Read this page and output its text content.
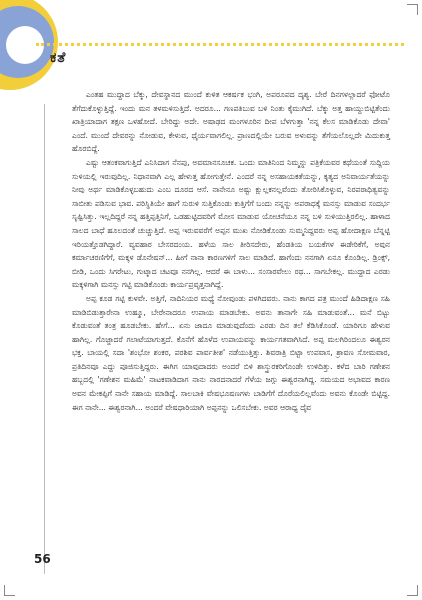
ಕತೆ

ಎಂತಹ ಮುದ್ದಾದ ಬೆಕ್ಕು, ದೇವಸ್ಥಾನದ ಮುಂದೆ ಕುಳಿತ ಆಕರ್ಷಕ ಭಂಗಿ, ಅಪರೂಪದ ದೃಶ್ಯ. ಬೇರೆ ದಿನಗಳಲ್ಲಾದರೆ ಫೋಟೊ ತೆಗೆದುಕೊಳ್ಳುತ್ತಿದ್ದೆ. ಇಂದು ಮನ ತಳಮಳಿಸುತ್ತಿದೆ. ಅದರೂ... ಗಣಪತಿಬುವ ಬಳಿ ನಿಂತು ಕೈಮುಗಿದೆ. ಬೆಕ್ಕು ಅತ್ತ ಹಾಯ್ದುಬಿಟ್ಟಿತೆಂದು ಖಾತ್ರಿಯಾದಾಗ ತಕ್ಷಣ ಒಳಹೋದೆ. ಬೇರಿದ್ದು ಅದೇ. ಅಷಾಢದ ಮಂಗಳೂರಿನ ದೀಪ ಬೆಳಗುತ್ತಾ 'ನನ್ನ ಕೆಲಸ ಮಾಡಿಕೊಡು ದೇವಾ' ಎಂದೆ. ಮುಂದೆ ದೇವರನ್ನು ನೋಡುವ, ಕೇಳುವ, ಧೈರ್ಯವಾಗಲಿಲ್ಲ. ಪ್ರಾಣದಲ್ಲಿಯೇ ಬರುವ ಅಳುವನ್ನು ತೆಗೆಯಲೊಲ್ಲದೇ ಮಿದುಕುತ್ತ ಹೊರಬಿದ್ದೆ.

ಎಷ್ಟು ಆತಂಕವಾಗುತ್ತಿದೆ ಎನಿಸಿದಾಗ ನೆನಪು, ಅವಮಾನಸೂಚಕ. ಒಂದು ಮಾತಿನಿಂದ ನಿಮ್ಮನ್ನು ಪತ್ರಿಕೆಯವರ ಕಥೆಯಂತೆ ಸುದ್ದಿಯ ಸುಳಿಯಲ್ಲಿ ಇರುವುದಿಲ್ಲ. ನಿಧಾನವಾಗಿ ಎಲ್ಲ ಹೇಳುತ್ತ ಹೋಗುತ್ತೇನೆ. ಎಂದರೆ ನನ್ನ ಅಸಹಾಯಕತೆಯನ್ನು, ಕೃತ್ಯದ ಅನಿವಾರ್ಯತೆಯನ್ನು ನೀವು ಅರ್ಥ ಮಾಡಿಕೊಳ್ಳಬಹುದು ಎಂಬ ದೂರದ ಆಸೆ. ನಾನೇನೂ ಅಷ್ಟು ಕ್ಷುಲ್ಲಕನಲ್ಲವೆಂದು ತೋರಿಸಿಕೊಳ್ಳುವ, ನಿರಪರಾಧಿತ್ವವನ್ನು ಸಾಬೀತು ಪಡಿಸುವ ಭಾವ. ಪರಿಸ್ಥಿತಿಯೇ ಹಾಗೆ ಸುರುಳಿ ಸುತ್ತಿಕೊಂಡು ಕುತ್ತಿಗೆಗೆ ಬಂದು ನನ್ನನ್ನು ಅಪರಾಧಕ್ಕೆ ಮನಸ್ಸು ಮಾಡುವ ಸಂದರ್ಭ ಸೃಷ್ಟಿಸಿತ್ತು. ಇಲ್ಲದಿದ್ದರೆ ನನ್ನ ಹತ್ತಿಪ್ಪತ್ತಿನಿಗೆ, ಒಡಹುಟ್ಟಿದವರಿಗೆ ಮೋಸ ಮಾಡುವ ಯೋಚನೆಯೂ ನನ್ನ ಬಳಿ ಸುಳಿಯುತ್ತಿರಲಿಲ್ಲ. ಹಾಳಾದ ಸಾಲದ ಬಾಧೆ ಹೂಲದಂತೆ ಚುಚ್ಚುತ್ತಿದೆ. ಅಪ್ಪ ಇರುವವರೆಗೆ ಅಪ್ಪನ ಮುಖ ನೋಡಿಕೊಂಡು ಸುಮ್ಮನಿದ್ದವರು ಅಪ್ಪ ಹೋದಾಕ್ಷಣ ಬೆನ್ನಟ್ಟಿ ಇರಿಯತ್ತೊಡಗಿದ್ದಾರೆ. ವ್ಯವಹಾರ ಬೇಸರದಂಯ. ಹಳೆಯ ಸಾಲ ತೀರಿಸದೇರು, ಹೆಂಡತಿಯ ಬಯಕೆಗಳ ಈಡೇರಿಕೆಗೆ, ಅವುನ ಕರ್ಮಾಚರಣಿಗೆಗೆ, ಮಕ್ಕಳ ಡೊನೇಷನ್... ಹೀಗೆ ನಾನಾ ಕಾರಣಗಳಿಗೆ ಸಾಲ ಮಾಡಿದೆ. ಹಾಗೆಂದು ನನಗಾಗಿ ಏನೂ ಕೊಂಡಿಲ್ಲ. ಡ್ರಿಂಕ್ಸ್, ಬೀಡಿ, ಒಂದು ಸಿಗರೇಟು, ಗುಟ್ಕಾದ ಚಟವೂ ನನಗಿಲ್ಲ. ಆದರೆ ಈ ಬಾಳು... ಸಂಸಾರವೇಲು ರಥ... ಸಾಗಬೇಕಲ್ಲ. ಮುದ್ದಾದ ಎರಡು ಮಕ್ಕಳಿಗಾಗಿ ಮನಸ್ಸು ಗಟ್ಟಿ ಮಾಡಿಕೊಂಡು ಕಾರ್ಯಪ್ರವೃತ್ತನಾಗಿದ್ದೆ.

ಅಪ್ಪ ಕೂಡ ಗಟ್ಟಿ ಕುಳವೇ. ಅತ್ತಿಗೆ, ನಾದಿನಿಯರ ಮಧ್ಯೆ ನೋವುಂಡು ಪಳಗಿದವರು. ನಾನು ಕಾಗದ ಪತ್ರ ಮುಂದೆ ಹಿಡಿದಾಕ್ಷಣ ಸಹಿ ಮಾಡಿಬಿಡುತ್ತಾರೇನಾ ಉಹ್ಮೂ, ಬೇರೇನಾದರೂ ಉಪಾಯ ಮಾಡಬೇಕು. ಅವನು ತಾನಾಗೇ ಸಹಿ ಮಾಡುವಂತೆ... ಮನೆ ಬಿಟ್ಟು ಕೊಡುವಂತೆ ತಂತ್ರ ಹೂಡಬೇಕು. ಹೇಗೆ... ಏನು ಜಾದೂ ಮಾಡುವುದೆಂದು ಎರಡು ದಿನ ತಲೆ ಕೆಡಿಸಿಕೊಂಡೆ. ಯಾರಿಗೂ ಹೇಳುವ ಹಾಗಿಲ್ಲ. ಗೊಜ್ಜಾದರೆ ಗಲಾಟೆಯಾಗುತ್ತದೆ. ಕೊನೆಗೆ ಹೊಳೆದ ಉಪಾಯವನ್ನು ಕಾರ್ಯಗತವಾಗಿಸಿದೆ. ಅಪ್ಪ ಮಲಗಿರಿಂದಲೂ ಈಶ್ವರನ ಭಕ್ತ. ಬಾಯಲ್ಲಿ ಸದಾ 'ಶಂಭೋ ಶಂಕರ, ಪರಶಿವ ಪಾರ್ವತೀಶ' ನಡೆಯುತ್ತಿತ್ತು. ಶಿವರಾತ್ರಿ ಬಿಟ್ಟಾ ಉಪವಾಸ, ಶ್ರಾವಣ ಸೋಮವಾರ, ಪ್ರತಿದಿನವೂ ಎದ್ದು ಪೂಜಿಸುತ್ತಿದ್ದರು. ಈಗಿಗ ಯಾವುದಾದರು ಅಂದರೆ ಬಿಳಿ ಶಾಸ್ತ್ರುರಕರಿಗೊಂಡೇ ಉಳಿದಿತ್ತು. ಕಳೆದ ಬಾರಿ ಗಣೇಶನ ಹಬ್ಬದಲ್ಲಿ 'ಗಣೇಶನ ಮಹಿಮೆ' ನಾಟಕವಾಡಿದಾಗ ನಾನು ನಾರದನಾದರೆ ಗೆಳೆಯ ಜಗ್ಗು ಈಶ್ವರನಾಗಿದ್ದ. ಸಮಯದ ಅಭಾವದ ಕಾರಣ ಅವನ ಮೇಕಪ್ಪಿಗೆ ನಾನೇ ಸಹಾಯ ಮಾಡಿದ್ದೆ. ಸಾಲಬಾಕಿ ವೇಷಭೂಷಣಗಳು ಬಾಡಿಗೆಗೆ ದೊರೆಯಲಿಲ್ಲವೆಂದು ಅವನು ಕೊಂಡೇ ಬಿಟ್ಟಿದ್ದ. ಈಗ ನಾನೇ... ಈಶ್ವರನಾಗಿ... ಅಂದರೆ ವೇಷಧಾರಿಯಾಗಿ ಅಪ್ಪನನ್ನು ಒಲಿಸಬೇಕು. ಅವರ ಆರಾಧ್ಯ ದೈವ

56
